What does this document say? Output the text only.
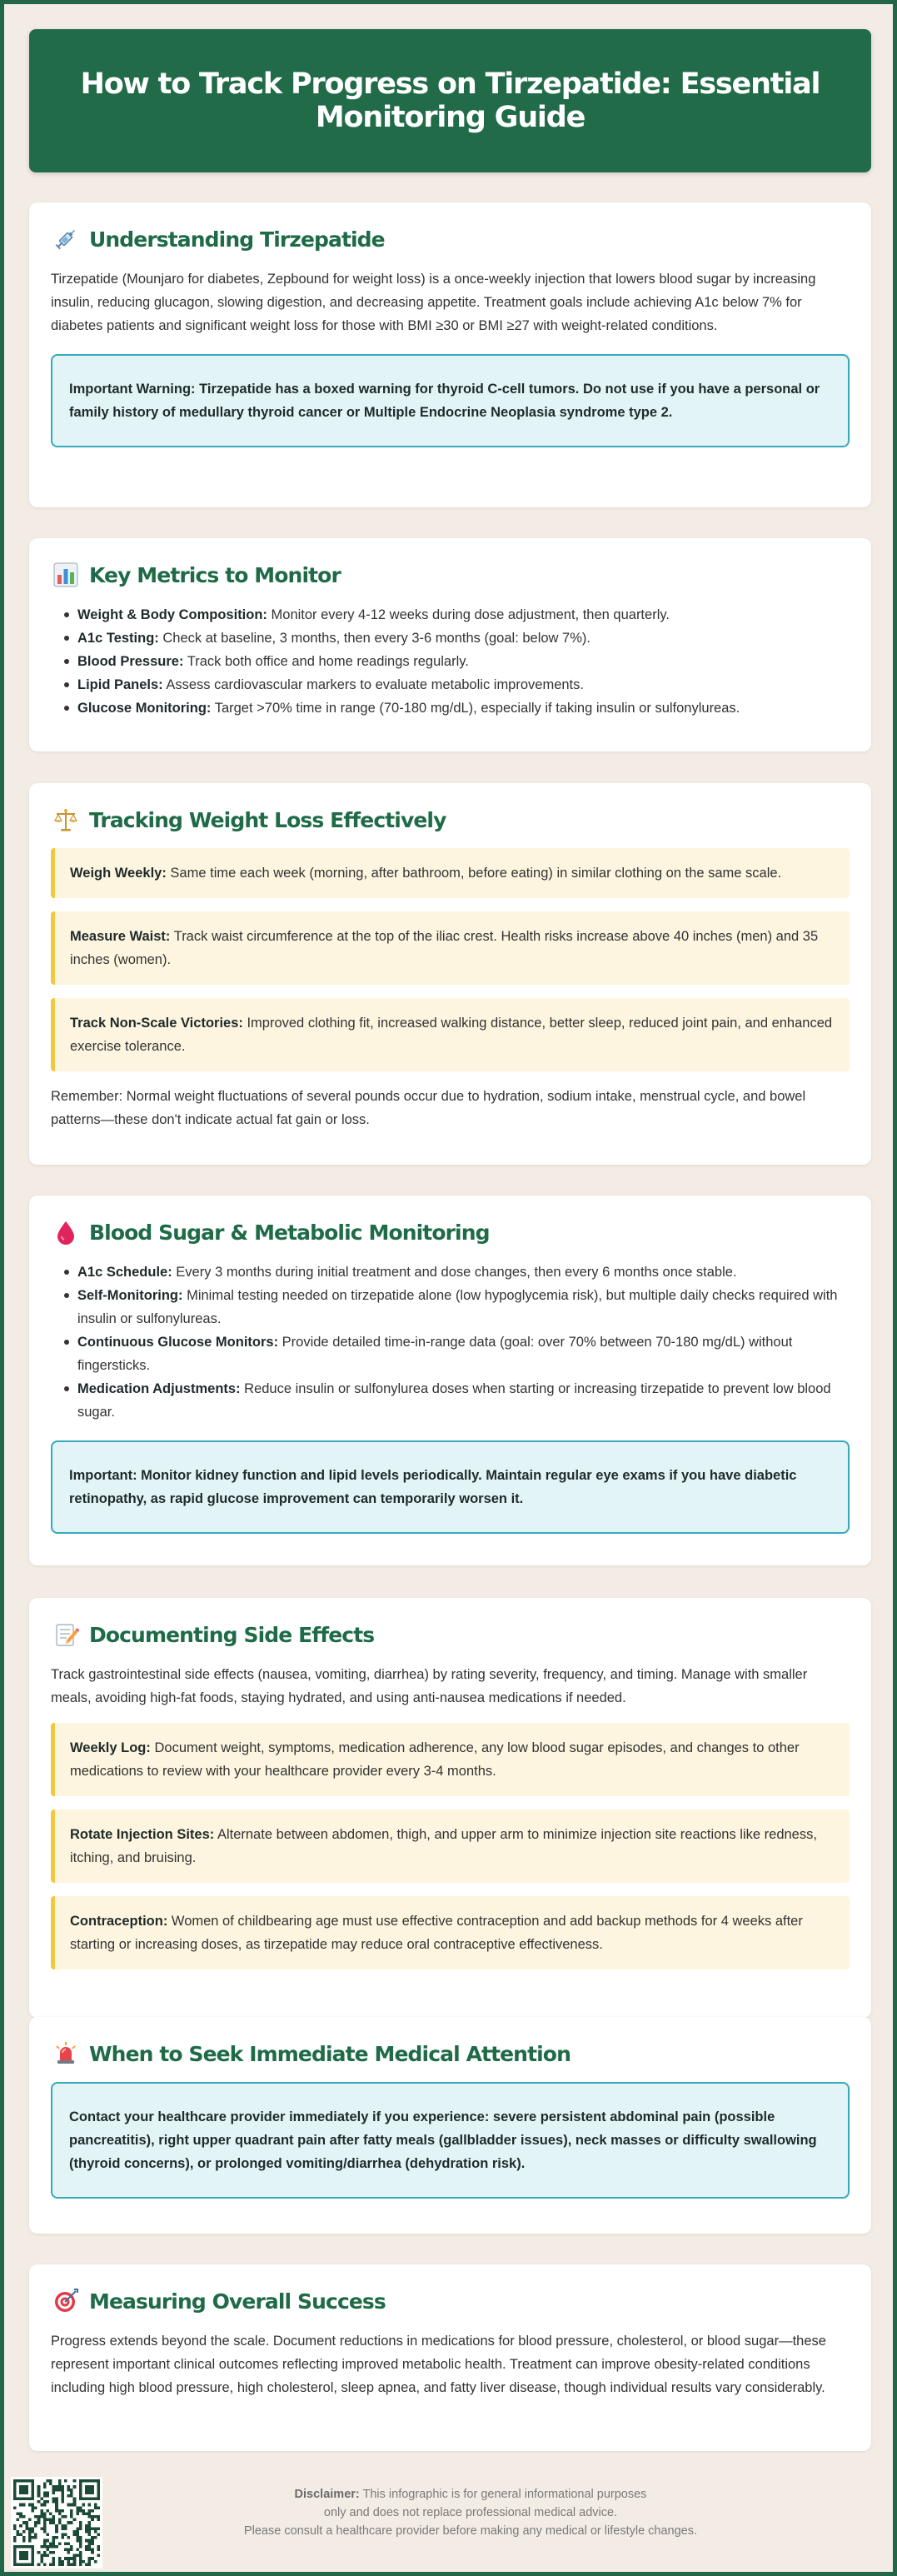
How to Track Progress on Tirzepatide: Essential Monitoring Guide
Understanding Tirzepatide

Tirzepatide (Mounjaro for diabetes, Zepbound for weight loss) is a once-weekly injection that lowers blood sugar by increasing insulin, reducing glucagon, slowing digestion, and decreasing appetite. Treatment goals include achieving A1c below 7% for diabetes patients and significant weight loss for those with BMI ≥30 or BMI ≥27 with weight-related conditions.

Important Warning: Tirzepatide has a boxed warning for thyroid C-cell tumors. Do not use if you have a personal or family history of medullary thyroid cancer or Multiple Endocrine Neoplasia syndrome type 2.
Key Metrics to Monitor
Weight & Body Composition: Monitor every 4-12 weeks during dose adjustment, then quarterly.
A1c Testing: Check at baseline, 3 months, then every 3-6 months (goal: below 7%).
Blood Pressure: Track both office and home readings regularly.
Lipid Panels: Assess cardiovascular markers to evaluate metabolic improvements.
Glucose Monitoring: Target >70% time in range (70-180 mg/dL), especially if taking insulin or sulfonylureas.
Tracking Weight Loss Effectively
Weigh Weekly: Same time each week (morning, after bathroom, before eating) in similar clothing on the same scale.
Measure Waist: Track waist circumference at the top of the iliac crest. Health risks increase above 40 inches (men) and 35 inches (women).
Track Non-Scale Victories: Improved clothing fit, increased walking distance, better sleep, reduced joint pain, and enhanced exercise tolerance.

Remember: Normal weight fluctuations of several pounds occur due to hydration, sodium intake, menstrual cycle, and bowel patterns—these don't indicate actual fat gain or loss.

Blood Sugar & Metabolic Monitoring
A1c Schedule: Every 3 months during initial treatment and dose changes, then every 6 months once stable.
Self-Monitoring: Minimal testing needed on tirzepatide alone (low hypoglycemia risk), but multiple daily checks required with insulin or sulfonylureas.
Continuous Glucose Monitors: Provide detailed time-in-range data (goal: over 70% between 70-180 mg/dL) without fingersticks.
Medication Adjustments: Reduce insulin or sulfonylurea doses when starting or increasing tirzepatide to prevent low blood sugar.
Important: Monitor kidney function and lipid levels periodically. Maintain regular eye exams if you have diabetic retinopathy, as rapid glucose improvement can temporarily worsen it.
Documenting Side Effects

Track gastrointestinal side effects (nausea, vomiting, diarrhea) by rating severity, frequency, and timing. Manage with smaller meals, avoiding high-fat foods, staying hydrated, and using anti-nausea medications if needed.

Weekly Log: Document weight, symptoms, medication adherence, any low blood sugar episodes, and changes to other medications to review with your healthcare provider every 3-4 months.
Rotate Injection Sites: Alternate between abdomen, thigh, and upper arm to minimize injection site reactions like redness, itching, and bruising.
Contraception: Women of childbearing age must use effective contraception and add backup methods for 4 weeks after starting or increasing doses, as tirzepatide may reduce oral contraceptive effectiveness.
When to Seek Immediate Medical Attention
Contact your healthcare provider immediately if you experience: severe persistent abdominal pain (possible pancreatitis), right upper quadrant pain after fatty meals (gallbladder issues), neck masses or difficulty swallowing (thyroid concerns), or prolonged vomiting/diarrhea (dehydration risk).
Measuring Overall Success

Progress extends beyond the scale. Document reductions in medications for blood pressure, cholesterol, or blood sugar—these represent important clinical outcomes reflecting improved metabolic health. Treatment can improve obesity-related conditions including high blood pressure, high cholesterol, sleep apnea, and fatty liver disease, though individual results vary considerably.

Disclaimer: This infographic is for general informational purposes
only and does not replace professional medical advice.
Please consult a healthcare provider before making any medical or lifestyle changes.
